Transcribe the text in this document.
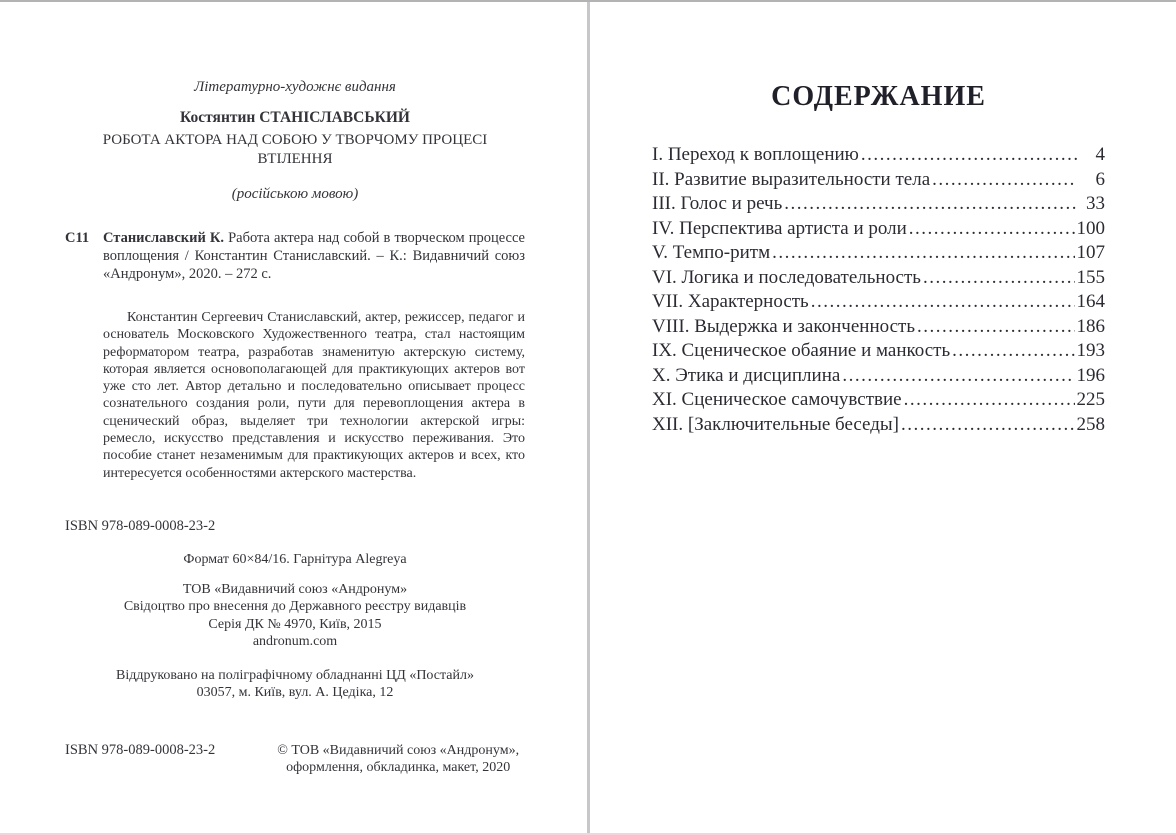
Літературно-художнє видання
Костянтин СТАНІСЛАВСЬКИЙ
РОБОТА АКТОРА НАД СОБОЮ У ТВОРЧОМУ ПРОЦЕСІ ВТІЛЕННЯ
(російською мовою)
С11 Станиславский К. Работа актера над собой в творческом процессе воплощения / Константин Станиславский. – К.: Видавничий союз «Андронум», 2020. – 272 с.

Константин Сергеевич Станиславский, актер, режиссер, педагог и основатель Московского Художественного театра, стал настоящим реформатором театра, разработав знаменитую актерскую систему, которая является основополагающей для практикующих актеров вот уже сто лет. Автор детально и последовательно описывает процесс сознательного создания роли, пути для перевоплощения актера в сценический образ, выделяет три технологии актерской игры: ремесло, искусство представления и искусство переживания. Это пособие станет незаменимым для практикующих актеров и всех, кто интересуется особенностями актерского мастерства.

ISBN 978-089-0008-23-2
Формат 60×84/16. Гарнітура Alegreya
ТОВ «Видавничий союз «Андронум»
Свідоцтво про внесення до Державного реєстру видавців
Серія ДК № 4970, Київ, 2015
andronum.com
Віддруковано на поліграфічному обладнанні ЦД «Постайл»
03057, м. Київ, вул. А. Цедіка, 12
ISBN 978-089-0008-23-2	© ТОВ «Видавничий союз «Андронум»,
оформлення, обкладинка, макет, 2020
СОДЕРЖАНИЕ
I. Переход к воплощению .....	4
II. Развитие выразительности тела .....	6
III. Голос и речь .....	33
IV. Перспектива артиста и роли .....	100
V. Темпо-ритм .....	107
VI. Логика и последовательность .....	155
VII. Характерность .....	164
VIII. Выдержка и законченность .....	186
IX. Сценическое обаяние и манкость .....	193
X. Этика и дисциплина .....	196
XI. Сценическое самочувствие .....	225
XII. [Заключительные беседы] .....	258
